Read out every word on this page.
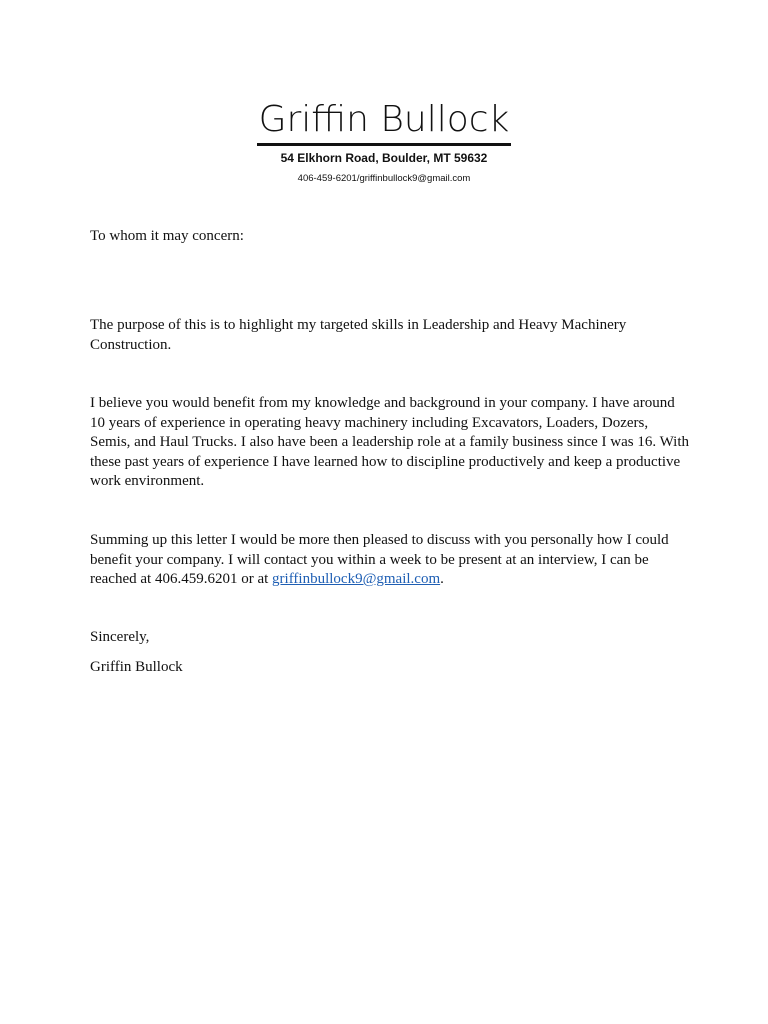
Griffin Bullock
54 Elkhorn Road, Boulder, MT 59632
406-459-6201/griffinbullock9@gmail.com

To whom it may concern:

The purpose of this is to highlight my targeted skills in Leadership and Heavy Machinery Construction.

I believe you would benefit from my knowledge and background in your company. I have around 10 years of experience in operating heavy machinery including Excavators, Loaders, Dozers, Semis, and Haul Trucks. I also have been a leadership role at a family business since I was 16. With these past years of experience I have learned how to discipline productively and keep a productive work environment.

Summing up this letter I would be more then pleased to discuss with you personally how I could benefit your company. I will contact you within a week to be present at an interview, I can be reached at 406.459.6201 or at griffinbullock9@gmail.com.

Sincerely,

Griffin Bullock
